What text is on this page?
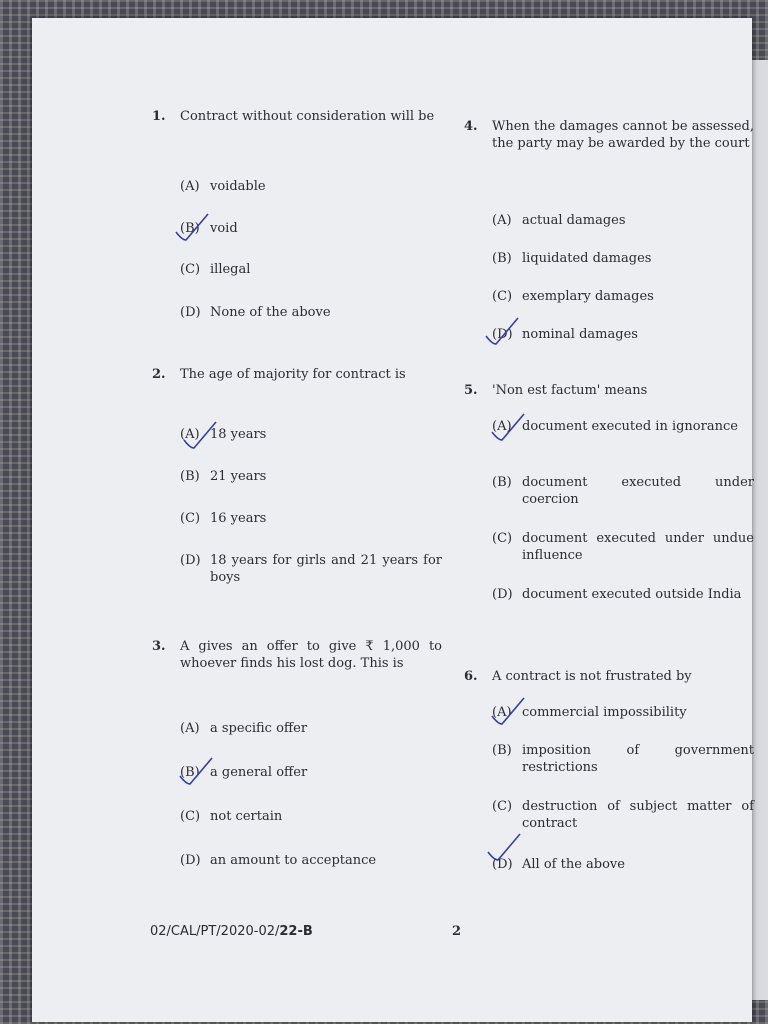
1.	Contract without consideration will be
(A) voidable
(B) void
(C) illegal
(D) None of the above
2.	The age of majority for contract is
(A) 18 years
(B) 21 years
(C) 16 years
(D) 18 years for girls and 21 years for boys
3.	A gives an offer to give ₹ 1,000 to whoever finds his lost dog. This is
(A) a specific offer
(B) a general offer
(C) not certain
(D) an amount to acceptance
4.	When the damages cannot be assessed, the party may be awarded by the court
(A) actual damages
(B) liquidated damages
(C) exemplary damages
(D) nominal damages
5.	'Non est factum' means
(A) document executed in ignorance
(B) document executed under coercion
(C) document executed under undue influence
(D) document executed outside India
6.	A contract is not frustrated by
(A) commercial impossibility
(B) imposition of government restrictions
(C) destruction of subject matter of contract
(D) All of the above
02/CAL/PT/2020-02/22-B	2
